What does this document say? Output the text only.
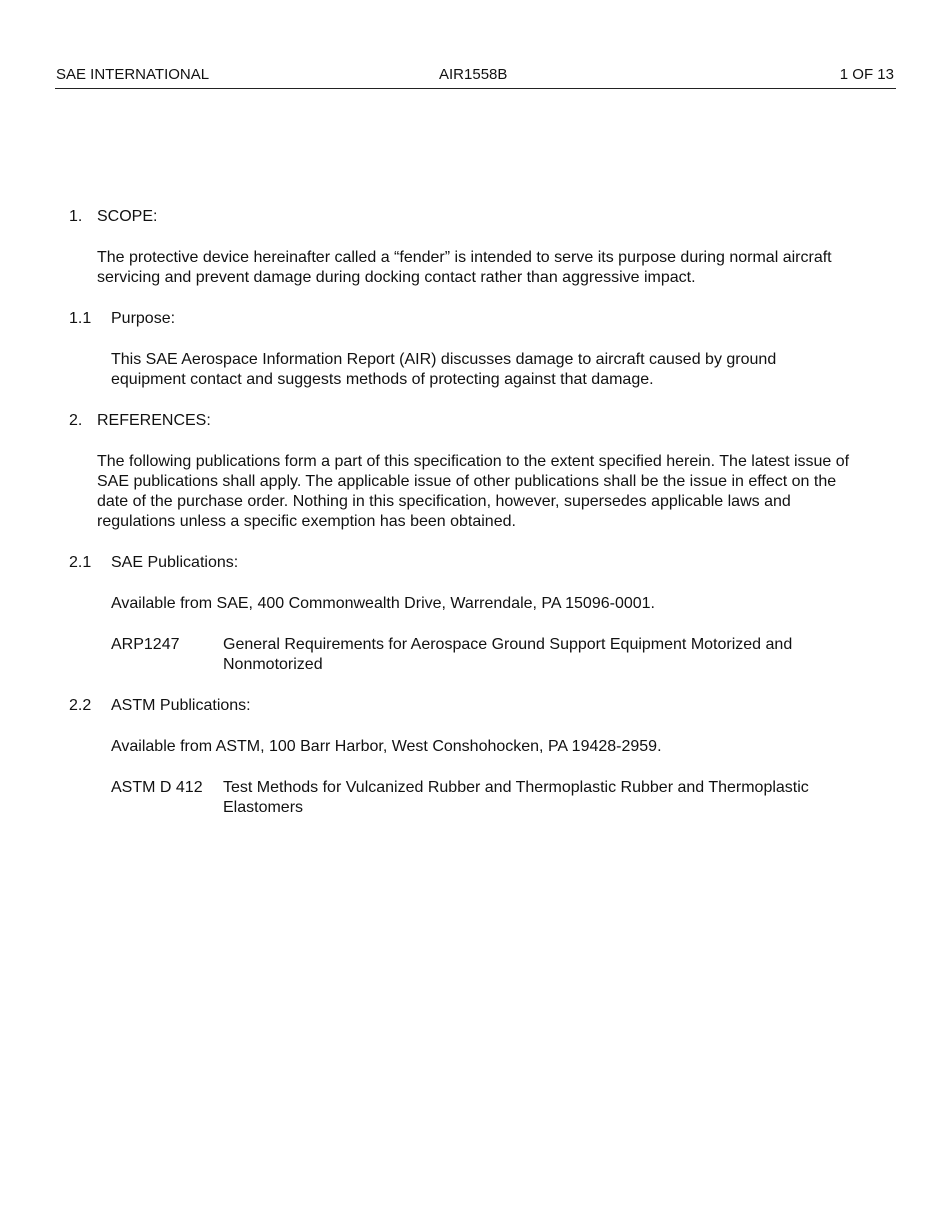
SAE INTERNATIONAL	AIR1558B	1 OF 13
1. SCOPE:
The protective device hereinafter called a “fender” is intended to serve its purpose during normal aircraft servicing and prevent damage during docking contact rather than aggressive impact.
1.1	Purpose:
This SAE Aerospace Information Report (AIR) discusses damage to aircraft caused by ground equipment contact and suggests methods of protecting against that damage.
2. REFERENCES:
The following publications form a part of this specification to the extent specified herein. The latest issue of SAE publications shall apply. The applicable issue of other publications shall be the issue in effect on the date of the purchase order. Nothing in this specification, however, supersedes applicable laws and regulations unless a specific exemption has been obtained.
2.1	SAE Publications:
Available from SAE, 400 Commonwealth Drive, Warrendale, PA 15096-0001.
ARP1247	General Requirements for Aerospace Ground Support Equipment Motorized and Nonmotorized
2.2	ASTM Publications:
Available from ASTM, 100 Barr Harbor, West Conshohocken, PA 19428-2959.
ASTM D 412	Test Methods for Vulcanized Rubber and Thermoplastic Rubber and Thermoplastic Elastomers
